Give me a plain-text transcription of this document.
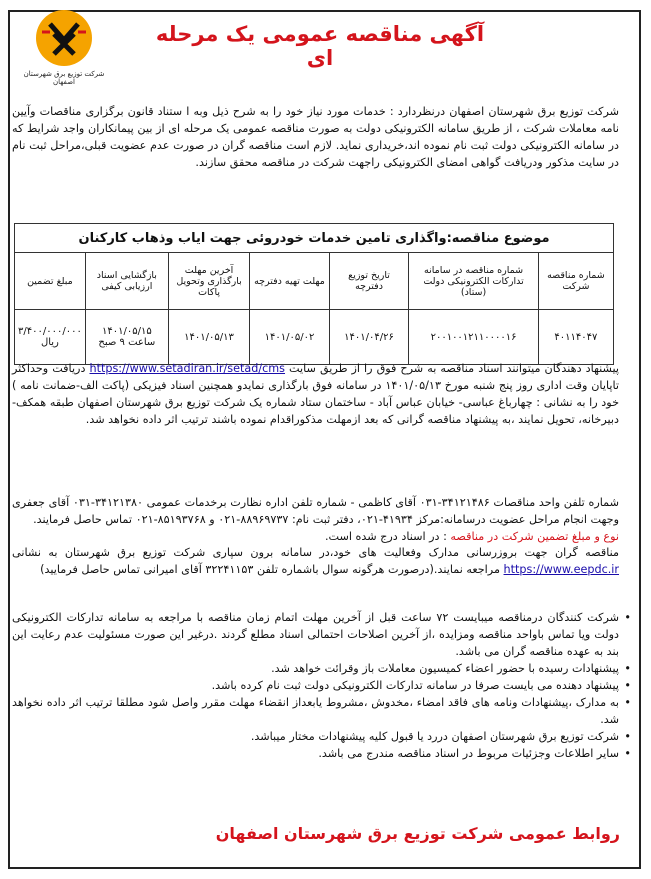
شرکت توزیع برق شهرستان اصفهان
آگهی مناقصه عمومی یک مرحله ای
شرکت توزیع برق شهرستان اصفهان درنظردارد : خدمات مورد نیاز خود را به شرح ذیل وبه ا ستناد قانون برگزاری مناقصات وآیین نامه معاملات شرکت ، از طریق سامانه الکترونیکی دولت به صورت مناقصه عمومی یک مرحله ای از بین پیمانکاران واجد شرایط که در سامانه الکترونیکی دولت ثبت نام نموده اند،خریداری نماید. لازم است مناقصه گران در صورت عدم عضویت قبلی،مراحل ثبت نام در سایت مذکور ودریافت گواهی امضای الکترونیکی راجهت شرکت در مناقصه محقق سازند.
موضوع مناقصه:واگذاری تامین خدمات خودروئی جهت اياب وذهاب کارکنان						
شماره مناقصه شرکت	شماره مناقصه در سامانه تدارکات الکترونیکی دولت (ستاد)	تاریخ توزیع دفترچه	مهلت تهیه دفترچه	آخرین مهلت بارگذاری وتحویل پاکات	بازگشایی اسناد ارزیابی کیفی	مبلغ تضمین
۴۰۱۱۴۰۴۷	۲۰۰۱۰۰۱۲۱۱۰۰۰۰۱۶	۱۴۰۱/۰۴/۲۶	۱۴۰۱/۰۵/۰۲	۱۴۰۱/۰۵/۱۳	۱۴۰۱/۰۵/۱۵ ساعت ۹ صبح	۳/۴۰۰/۰۰۰/۰۰۰ ریال
پیشنهاد دهندگان میتوانند اسناد مناقصه به شرح فوق را از طریق سایت https://www.setadiran.ir/setad/cms دریافت وحداکثر تاپایان وقت اداری روز پنج شنبه مورخ ۱۴۰۱/۰۵/۱۳ در سامانه فوق بارگذاری نمایدو همچنین اسناد فیزیکی (پاکت الف-ضمانت نامه ) خود را به نشانی : چهارباغ عباسی- خیابان عباس آباد - ساختمان ستاد شماره یک شرکت توزیع برق شهرستان اصفهان طبقه همکف-دبیرخانه، تحویل نمایند ،به پیشنهاد مناقصه گرانی که بعد ازمهلت مذکوراقدام نموده باشند ترتیب اثر داده نخواهد شد.
شماره تلفن واحد مناقصات ۳۴۱۲۱۴۸۶-۰۳۱ آقای کاظمی - شماره تلفن اداره نظارت برخدمات عمومی ۳۴۱۲۱۳۸۰-۰۳۱ آقای جعفری وجهت انجام مراحل عضویت درسامانه:مرکز ۴۱۹۳۴-۰۲۱، دفتر ثبت نام: ۸۸۹۶۹۷۳۷-۰۲۱ و ۸۵۱۹۳۷۶۸-۰۲۱ تماس حاصل فرمایند.
نوع و مبلغ تضمین شرکت در مناقصه : در اسناد درج شده است.
مناقصه گران جهت بروزرسانی مدارک وفعالیت های خود،در سامانه برون سپاری شرکت توزیع برق شهرستان به نشانی https://www.eepdc.ir مراجعه نمایند.(درصورت هرگونه سوال باشماره تلفن ۳۲۲۴۱۱۵۳ آقای امیرانی تماس حاصل فرمایید)
• شرکت کنندگان درمناقصه میبایست ۷۲ ساعت قبل از آخرین مهلت اتمام زمان مناقصه با مراجعه به سامانه تدارکات الکترونیکی دولت ویا تماس باواحد مناقصه ومزایده ،از آخرین اصلاحات احتمالی اسناد مطلع گردند .درغیر این صورت مسئولیت عدم رعایت این بند به عهده مناقصه گران می باشد.
• پیشنهادات رسیده با حضور اعضاء کمیسیون معاملات باز وقرائت خواهد شد.
• پیشنهاد دهنده می بایست صرفا در سامانه تدارکات الکترونیکی دولت ثبت نام کرده باشد.
• به مدارک ،پیشنهادات ونامه های فاقد امضاء ،مخدوش ،مشروط یابعداز انقضاء مهلت مقرر واصل شود مطلقا ترتیب اثر داده نخواهد شد.
• شرکت توزیع برق شهرستان اصفهان دررد یا قبول کلیه پیشنهادات مختار میباشد.
• سایر اطلاعات وجزئیات مربوط در اسناد مناقصه مندرج می باشد.
روابط عمومی شرکت توزیع برق شهرستان اصفهان
